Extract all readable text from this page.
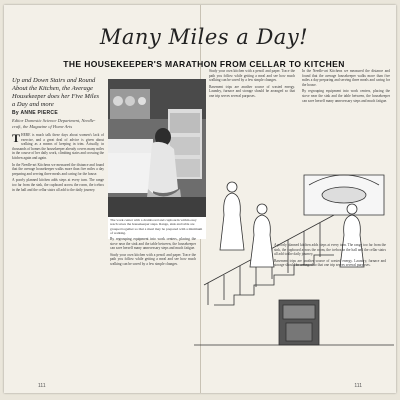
Many Miles a Day!
THE HOUSEKEEPER'S MARATHON FROM CELLAR TO KITCHEN
Up and Down Stairs and Round About the Kitchen, the Average Housekeeper does her Five Miles a Day and more
By ANNE PIERCE
Editor Domestic Science Department, Needle-craft, the Magazine of Home Arts
T HERE is much talk these days about women's lack of exercise, and a great deal of advice is given about walking as a means of keeping in trim. Actually, in thousands of homes the housekeeper already covers many miles in the course of her daily work, climbing stairs and crossing the kitchen again and again.

In the Needle-art Kitchens we measured the distance and found that the average housekeeper walks more than five miles a day preparing and serving three meals and caring for the house.

A poorly planned kitchen adds steps at every turn. The range too far from the sink, the cupboard across the room, the icebox in the hall and the cellar stairs all add to the daily journey.

The work center with a drainboard and cupboards within easy reach saves the housekeeper steps. Range, sink and table are grouped together so that a meal may be prepared with a minimum of walking.

By regrouping equipment into work centers, placing the stove near the sink and the table between, the housekeeper can save herself many unnecessary steps and much fatigue.

Study your own kitchen with a pencil and paper. Trace the path you follow while getting a meal and see how much walking can be saved by a few simple changes.

Study your own kitchen with a pencil and paper. Trace the path you follow while getting a meal and see how much walking can be saved by a few simple changes.

Basement trips are another source of wasted energy. Laundry, furnace and storage should be arranged so that one trip serves several purposes.

In the Needle-art Kitchens we measured the distance and found that the average housekeeper walks more than five miles a day preparing and serving three meals and caring for the house.

By regrouping equipment into work centers, placing the stove near the sink and the table between, the housekeeper can save herself many unnecessary steps and much fatigue.

A poorly planned kitchen adds steps at every turn. The range too far from the sink, the cupboard across the room, the icebox in the hall and the cellar stairs all add to the daily journey.

Basement trips are another source of wasted energy. Laundry, furnace and storage should be arranged so that one trip serves several purposes.

111	111
